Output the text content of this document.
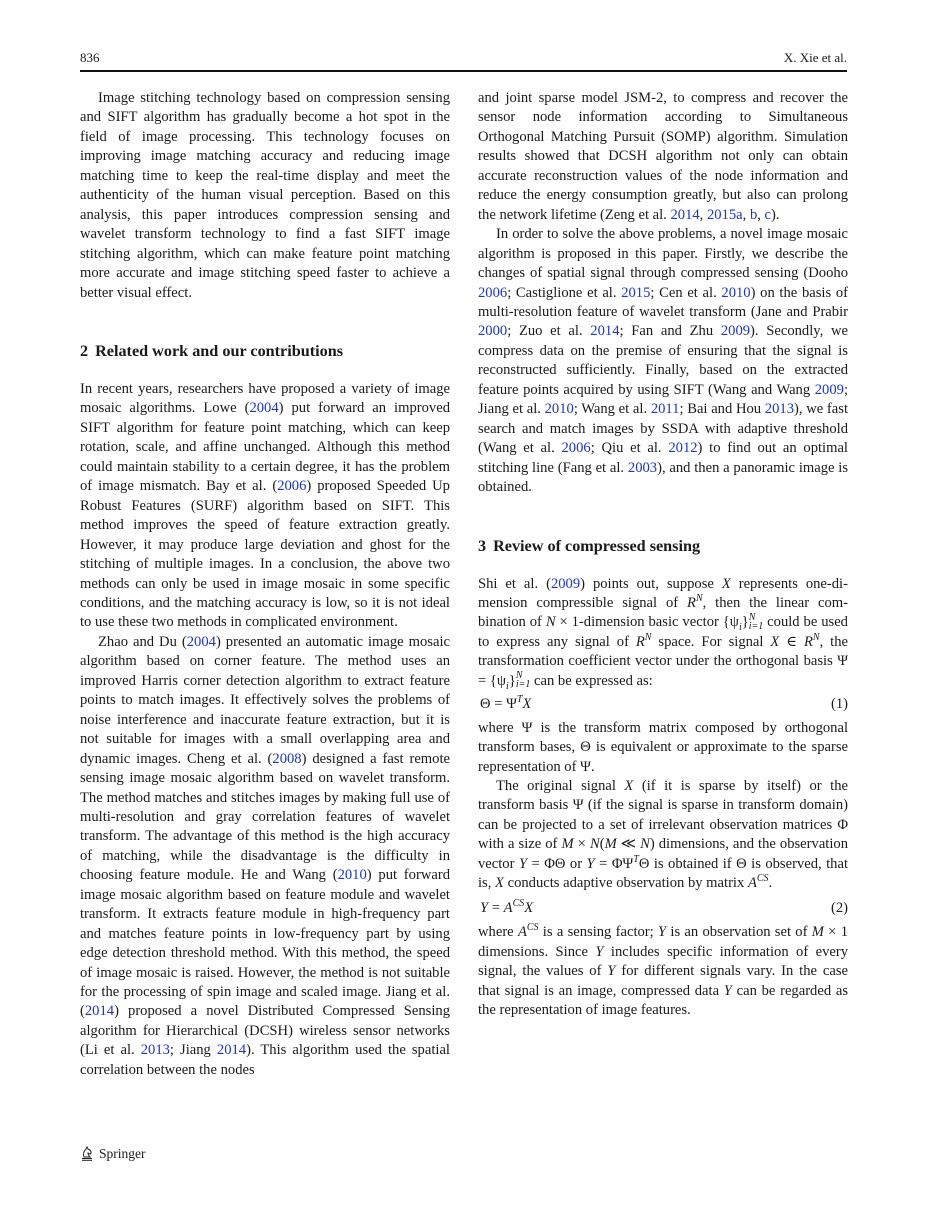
836	X. Xie et al.

Image stitching technology based on compression sensing and SIFT algorithm has gradually become a hot spot in the field of image processing. This technology focuses on improving image matching accuracy and reducing image matching time to keep the real-time display and meet the authenticity of the human visual perception. Based on this analysis, this paper introduces compression sensing and wavelet transform technology to find a fast SIFT image stitching algorithm, which can make feature point matching more accurate and image stitching speed faster to achieve a better visual effect.

2 Related work and our contributions

In recent years, researchers have proposed a variety of image mosaic algorithms. Lowe (2004) put forward an improved SIFT algorithm for feature point matching, which can keep rotation, scale, and affine unchanged. Although this method could maintain stability to a certain degree, it has the problem of image mismatch. Bay et al. (2006) proposed Speeded Up Robust Features (SURF) algorithm based on SIFT. This method improves the speed of feature extraction greatly. However, it may produce large deviation and ghost for the stitching of multiple images. In a conclusion, the above two methods can only be used in image mosaic in some specific conditions, and the matching accuracy is low, so it is not ideal to use these two methods in complicated environment.

Zhao and Du (2004) presented an automatic image mosaic algorithm based on corner feature. The method uses an improved Harris corner detection algorithm to extract feature points to match images. It effectively solves the problems of noise interference and inaccurate feature extraction, but it is not suitable for images with a small overlapping area and dynamic images. Cheng et al. (2008) designed a fast remote sensing image mosaic algorithm based on wavelet transform. The method matches and stitches images by making full use of multi-resolution and gray correlation features of wavelet transform. The advantage of this method is the high accuracy of matching, while the disadvantage is the difficulty in choosing feature module. He and Wang (2010) put forward image mosaic algorithm based on feature module and wavelet transform. It extracts feature module in high-frequency part and matches feature points in low-frequency part by using edge detection threshold method. With this method, the speed of image mosaic is raised. However, the method is not suitable for the processing of spin image and scaled image. Jiang et al. (2014) proposed a novel Distributed Compressed Sensing algorithm for Hierarchical (DCSH) wireless sensor networks (Li et al. 2013; Jiang 2014). This algorithm used the spatial correlation between the nodes

and joint sparse model JSM-2, to compress and recover the sensor node information according to Simultaneous Orthogonal Matching Pursuit (SOMP) algorithm. Simulation results showed that DCSH algorithm not only can obtain accurate reconstruction values of the node information and reduce the energy consumption greatly, but also can prolong the network lifetime (Zeng et al. 2014, 2015a, b, c).

In order to solve the above problems, a novel image mosaic algorithm is proposed in this paper. Firstly, we describe the changes of spatial signal through compressed sensing (Dooho 2006; Castiglione et al. 2015; Cen et al. 2010) on the basis of multi-resolution feature of wavelet transform (Jane and Prabir 2000; Zuo et al. 2014; Fan and Zhu 2009). Secondly, we compress data on the premise of ensuring that the signal is reconstructed sufficiently. Finally, based on the extracted feature points acquired by using SIFT (Wang and Wang 2009; Jiang et al. 2010; Wang et al. 2011; Bai and Hou 2013), we fast search and match images by SSDA with adaptive threshold (Wang et al. 2006; Qiu et al. 2012) to find out an optimal stitching line (Fang et al. 2003), and then a panoramic image is obtained.

3 Review of compressed sensing

Shi et al. (2009) points out, suppose X represents one-dimension compressible signal of $R^N$, then the linear combination of N × 1-dimension basic vector $\{\psi_i\}$ N
i=1 could be used to express any signal of $R^N$ space. For signal X ∈ $R^N$, the transformation coefficient vector under the orthogonal basis $\Psi = \{\psi_i\}$ N
i=1 can be expressed as:

$\Theta = \Psi^TX$	(1)

where Ψ is the transform matrix composed by orthogonal transform bases, Θ is equivalent or approximate to the sparse representation of Ψ.

The original signal X (if it is sparse by itself) or the transform basis Ψ (if the signal is sparse in transform domain) can be projected to a set of irrelevant observation matrices Φ with a size of M × N(M ≪ N) dimensions, and the observation vector Y = ΦΘ or $Y = \Phi\Psi^T\Theta$ is obtained if Θ is observed, that is, X conducts adaptive observation by matrix $A^{CS}$.

$Y = A^{CS}X$	(2)

where $A^{CS}$ is a sensing factor; Y is an observation set of M × 1 dimensions. Since Y includes specific information of every signal, the values of Y for different signals vary. In the case that signal is an image, compressed data Y can be regarded as the representation of image features.

Springer
